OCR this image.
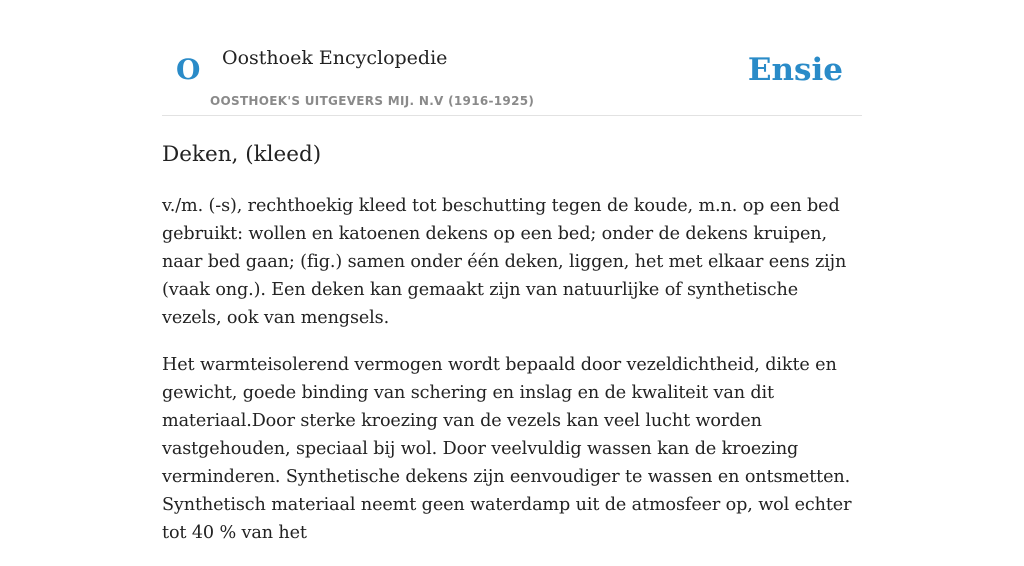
O Oosthoek Encyclopedie
OOSTHOEK'S UITGEVERS MIJ. N.V (1916-1925)
Ensie
Deken, (kleed)

v./m. (-s), rechthoekig kleed tot beschutting tegen de koude, m.n. op een bed gebruikt: wollen en katoenen dekens op een bed; onder de dekens kruipen, naar bed gaan; (fig.) samen onder één deken, liggen, het met elkaar eens zijn (vaak ong.). Een deken kan gemaakt zijn van natuurlijke of synthetische vezels, ook van mengsels.

Het warmteisolerend vermogen wordt bepaald door vezeldichtheid, dikte en gewicht, goede binding van schering en inslag en de kwaliteit van dit materiaal.Door sterke kroezing van de vezels kan veel lucht worden vastgehouden, speciaal bij wol. Door veelvuldig wassen kan de kroezing verminderen. Synthetische dekens zijn eenvoudiger te wassen en ontsmetten. Synthetisch materiaal neemt geen waterdamp uit de atmosfeer op, wol echter tot 40 % van het
